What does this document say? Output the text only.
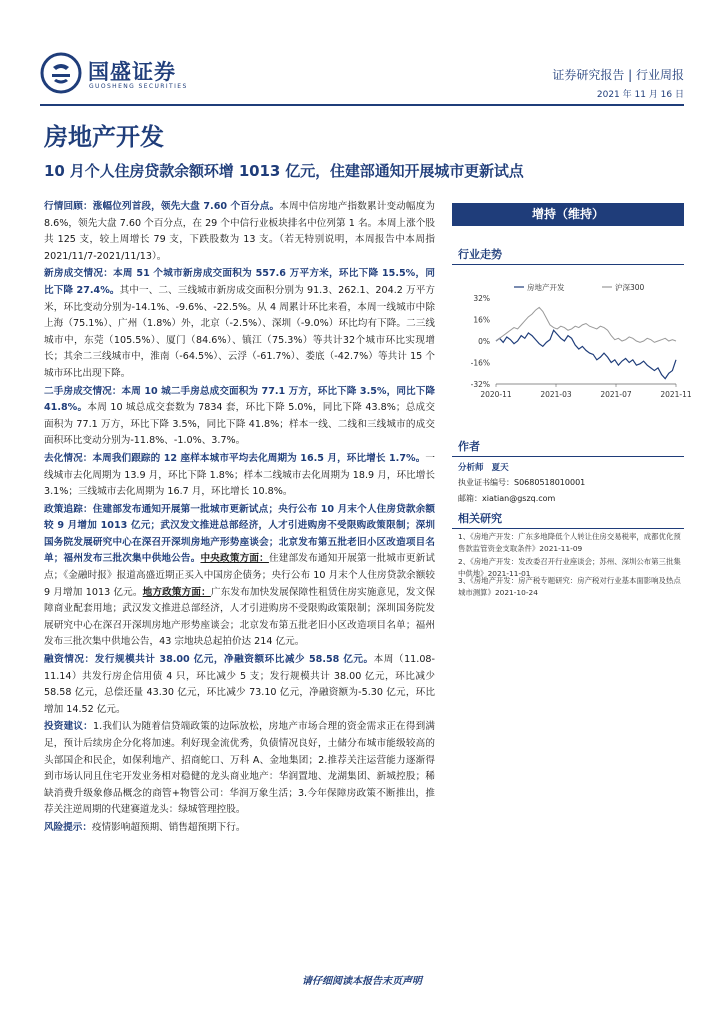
国盛证券
GUOSHENG SECURITIES
证券研究报告 | 行业周报
2021 年 11 月 16 日
房地产开发
10 月个人住房贷款余额环增 1013 亿元，住建部通知开展城市更新试点

行情回顾：涨幅位列首段，领先大盘 7.60 个百分点。本周中信房地产指数累计变动幅度为 8.6%，领先大盘 7.60 个百分点，在 29 个中信行业板块排名中位列第 1 名。本周上涨个股共 125 支，较上周增长 79 支，下跌股数为 13 支。（若无特别说明，本周报告中本周指 2021/11/7-2021/11/13）。

新房成交情况：本周 51 个城市新房成交面积为 557.6 万平方米，环比下降 15.5%，同比下降 27.4%。其中一、二、三线城市新房成交面积分别为 91.3、262.1、204.2 万平方米，环比变动分别为-14.1%、-9.6%、-22.5%。从 4 周累计环比来看，本周一线城市中除上海（75.1%）、广州（1.8%）外，北京（-2.5%）、深圳（-9.0%）环比均有下降。二三线城市中，东莞（105.5%）、厦门（84.6%）、镇江（75.3%）等共计32个城市环比实现增长；其余二三线城市中，淮南（-64.5%）、云浮（-61.7%）、娄底（-42.7%）等共计 15 个城市环比出现下降。

二手房成交情况：本周 10 城二手房总成交面积为 77.1 万方，环比下降 3.5%，同比下降 41.8%。本周 10 城总成交套数为 7834 套，环比下降 5.0%，同比下降 43.8%；总成交面积为 77.1 万方，环比下降 3.5%，同比下降 41.8%；样本一线、二线和三线城市的成交面积环比变动分别为-11.8%、-1.0%、3.7%。

去化情况：本周我们跟踪的 12 座样本城市平均去化周期为 16.5 月，环比增长 1.7%。一线城市去化周期为 13.9 月，环比下降 1.8%；样本二线城市去化周期为 18.9 月，环比增长 3.1%；三线城市去化周期为 16.7 月，环比增长 10.8%。

政策追踪：住建部发布通知开展第一批城市更新试点；央行公布 10 月末个人住房贷款余额较 9 月增加 1013 亿元；武汉发文推进总部经济，人才引进购房不受限购政策限制；深圳国务院发展研究中心在深召开深圳房地产形势座谈会；北京发布第五批老旧小区改造项目名单；福州发布三批次集中供地公告。中央政策方面：住建部发布通知开展第一批城市更新试点；《金融时报》报道高盛近期正买入中国房企债务；央行公布 10 月末个人住房贷款余额较 9 月增加 1013 亿元。地方政策方面：广东发布加快发展保障性租赁住房实施意见，发文保障商业配套用地；武汉发文推进总部经济，人才引进购房不受限购政策限制；深圳国务院发展研究中心在深召开深圳房地产形势座谈会；北京发布第五批老旧小区改造项目名单；福州发布三批次集中供地公告，43 宗地块总起拍价达 214 亿元。

融资情况：发行规模共计 38.00 亿元，净融资额环比减少 58.58 亿元。本周（11.08-11.14）共发行房企信用债 4 只，环比减少 5 支；发行规模共计 38.00 亿元，环比减少 58.58 亿元，总偿还量 43.30 亿元，环比减少 73.10 亿元，净融资额为-5.30 亿元，环比增加 14.52 亿元。

投资建议：1.我们认为随着信贷端政策的边际放松，房地产市场合理的资金需求正在得到满足，预计后续房企分化将加速。利好现金流优秀，负债情况良好，土储分布城市能级较高的头部国企和民企，如保利地产、招商蛇口、万科 A、金地集团；2.推荐关注运营能力逐渐得到市场认同且住宅开发业务相对稳健的龙头商业地产：华润置地、龙湖集团、新城控股；稀缺消费升级象修品概念的商管+物管公司：华润万象生活；3.今年保障房政策不断推出，推荐关注逆周期的代建赛道龙头：绿城管理控股。

风险提示：疫情影响超预期、销售超预期下行。

增持（维持）
行业走势
32%
16%
0%
-16%
-32%
2020-11	2021-03	2021-07	2021-11
房地产开发	沪深300
作者
分析师 夏天
执业证书编号：S0680518010001
邮箱：xiatian@gszq.com
相关研究
1、《房地产开发：广东多地降低个人转让住房交易税率，成都优化预售款监管资金支取条件》2021-11-09
2、《房地产开发：发改委召开行业座谈会；苏州、深圳公布第三批集中供地》2021-11-01
3、《房地产开发：房产税专题研究：房产税对行业基本面影响及热点城市测算》2021-10-24
请仔细阅读本报告末页声明
